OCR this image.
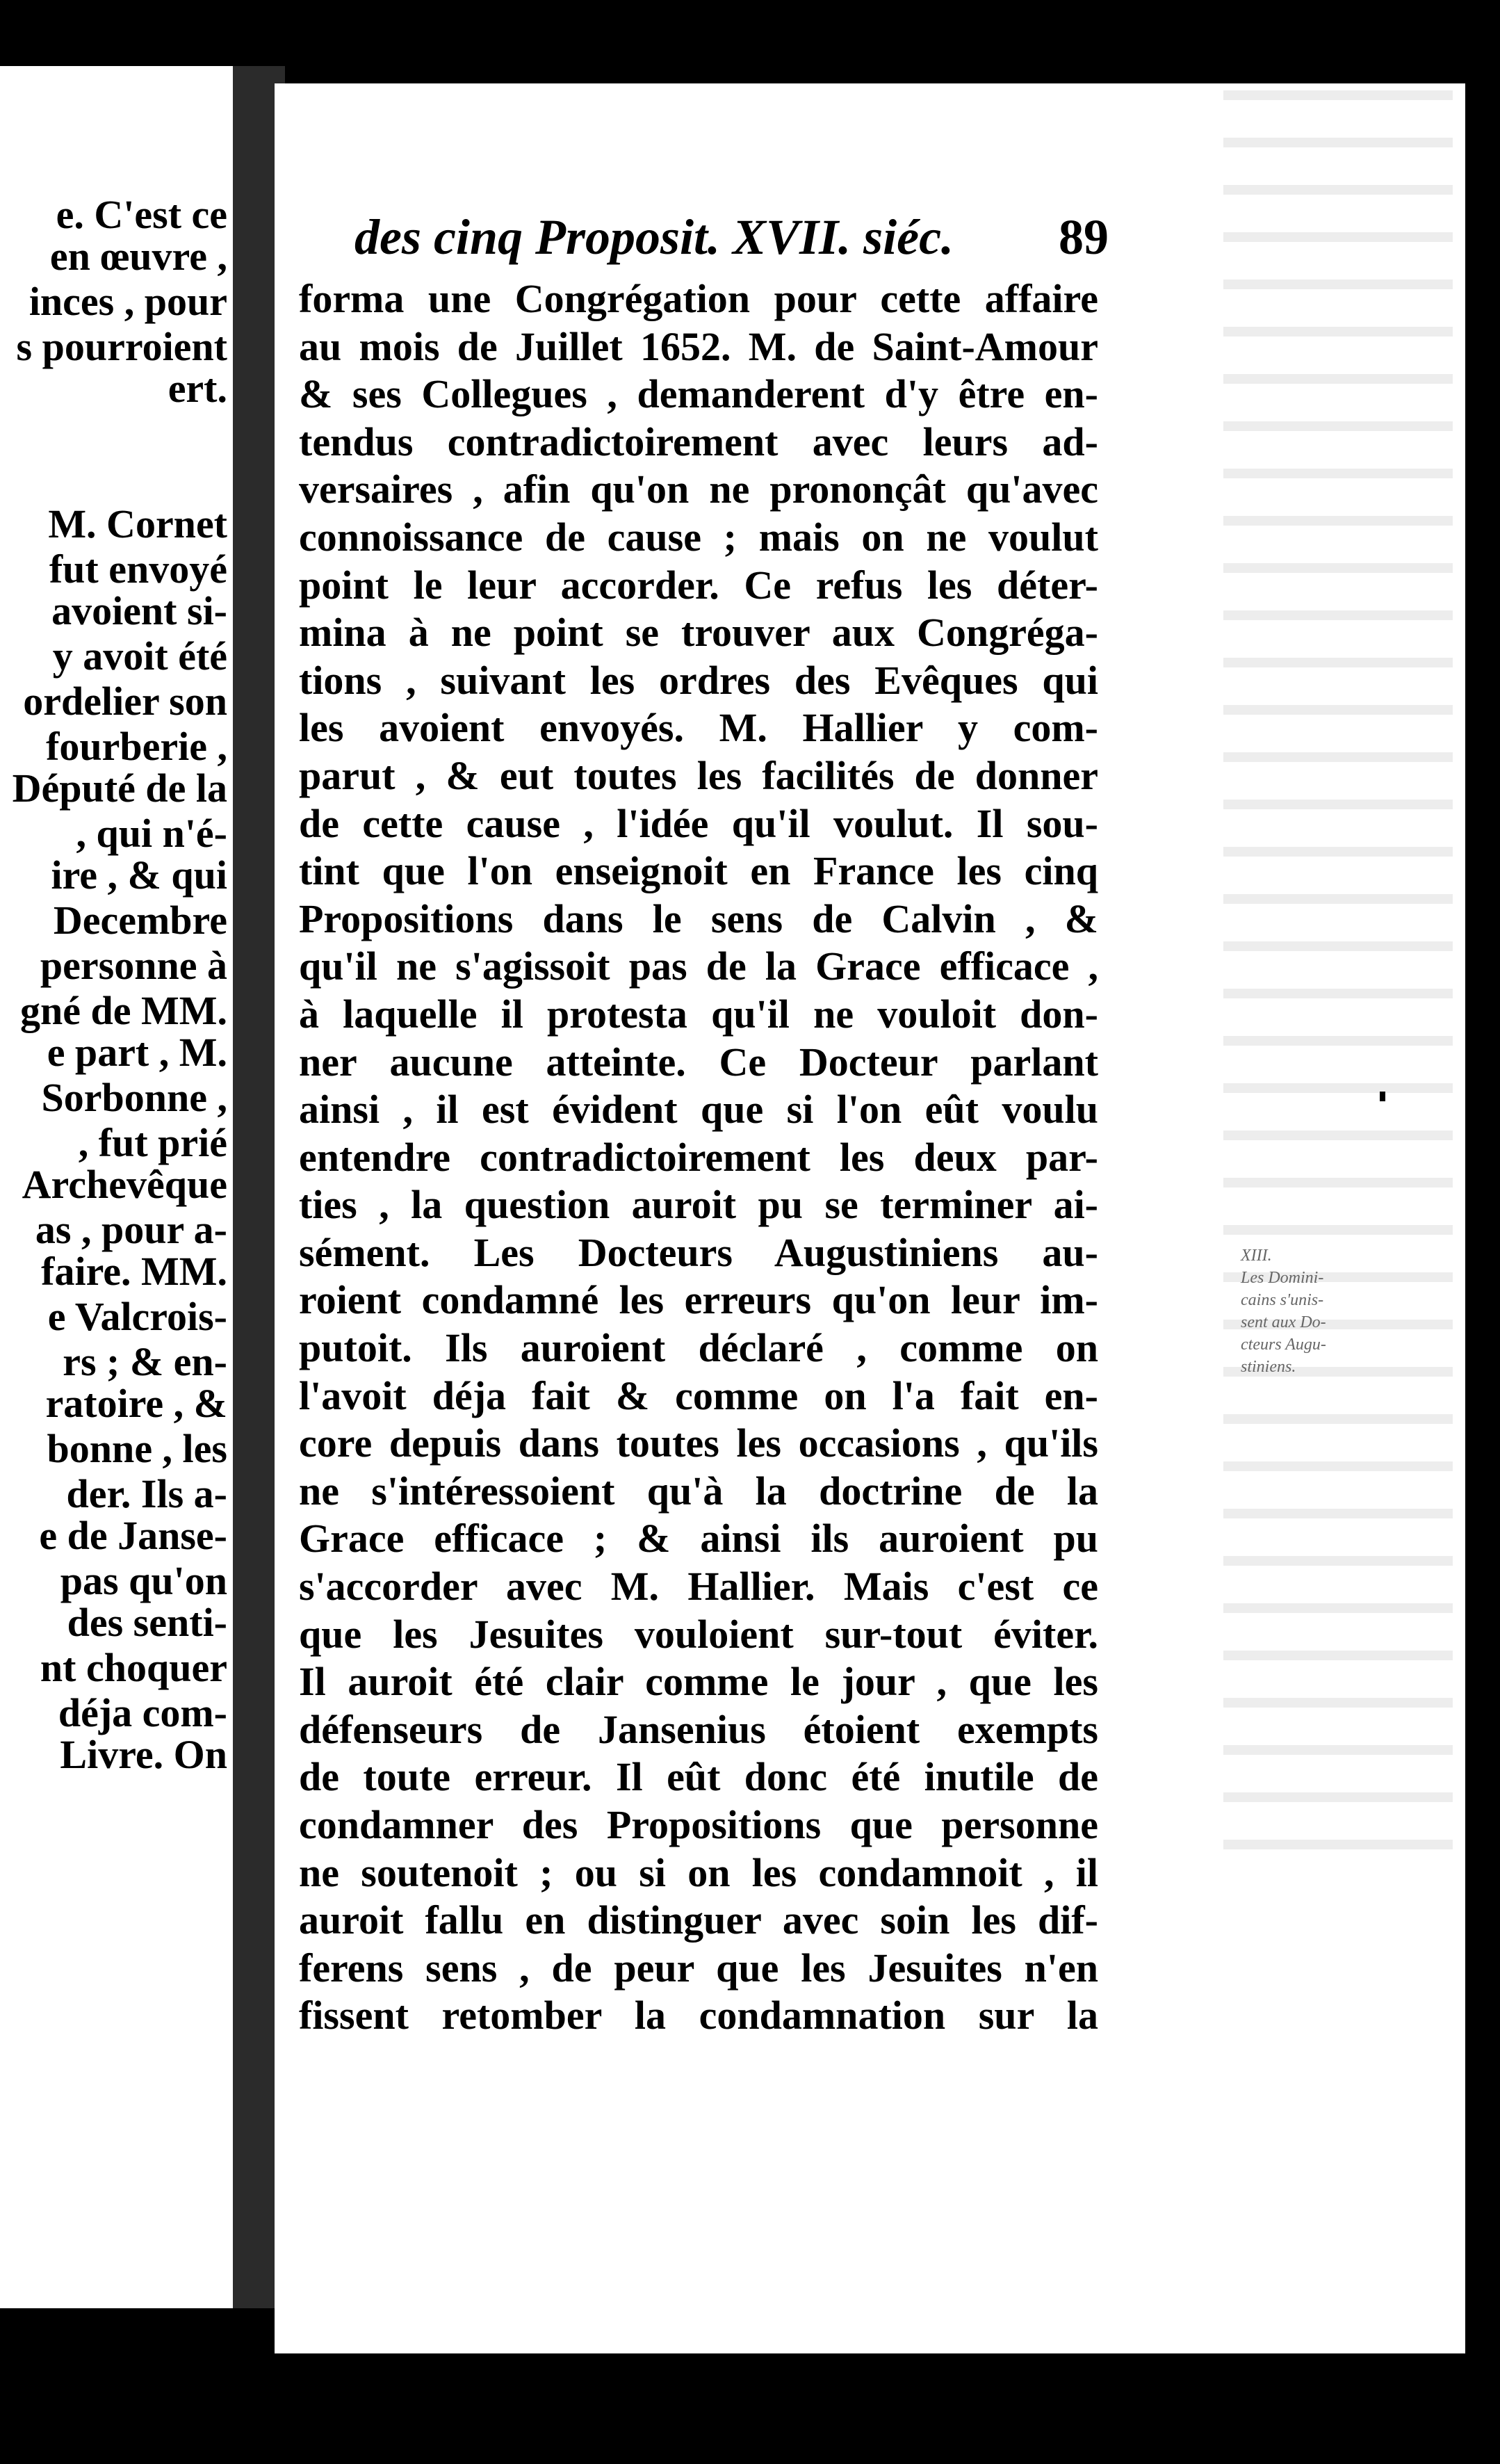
e. C'est ce
en œuvre ,
inces , pour
s pourroient
ert.
M. Cornet
fut envoyé
avoient si-
y avoit été
ordelier son
fourberie ,
Député de la
, qui n'é-
ire , & qui
Decembre
personne à
gné de MM.
e part , M.
Sorbonne ,
, fut prié
Archevêque
as , pour a-
faire. MM.
e Valcrois-
rs ; & en-
ratoire , &
bonne , les
der. Ils a-
e de Janse-
pas qu'on
des senti-
nt choquer
déja com-
Livre. On
des cinq Proposit. XVII. siéc. 89
forma une Congrégation pour cette affaire
au mois de Juillet 1652. M. de Saint-Amour
& ses Collegues , demanderent d'y être en-
tendus contradictoirement avec leurs ad-
versaires , afin qu'on ne prononçât qu'avec
connoissance de cause ; mais on ne voulut
point le leur accorder. Ce refus les déter-
mina à ne point se trouver aux Congréga-
tions , suivant les ordres des Evêques qui
les avoient envoyés. M. Hallier y com-
parut , & eut toutes les facilités de donner
de cette cause , l'idée qu'il voulut. Il sou-
tint que l'on enseignoit en France les cinq
Propositions dans le sens de Calvin , &
qu'il ne s'agissoit pas de la Grace efficace ,
à laquelle il protesta qu'il ne vouloit don-
ner aucune atteinte. Ce Docteur parlant
ainsi , il est évident que si l'on eût voulu
entendre contradictoirement les deux par-
ties , la question auroit pu se terminer ai-
sément. Les Docteurs Augustiniens au-
roient condamné les erreurs qu'on leur im-
putoit. Ils auroient déclaré , comme on
l'avoit déja fait & comme on l'a fait en-
core depuis dans toutes les occasions , qu'ils
ne s'intéressoient qu'à la doctrine de la
Grace efficace ; & ainsi ils auroient pu
s'accorder avec M. Hallier. Mais c'est ce
que les Jesuites vouloient sur-tout éviter.
Il auroit été clair comme le jour , que les
défenseurs de Jansenius étoient exempts
de toute erreur. Il eût donc été inutile de
condamner des Propositions que personne
ne soutenoit ; ou si on les condamnoit , il
auroit fallu en distinguer avec soin les dif-
ferens sens , de peur que les Jesuites n'en
fissent retomber la condamnation sur la
XIII.
Les Domini-
cains s'unis-
sent aux Do-
cteurs Augu-
stiniens.
